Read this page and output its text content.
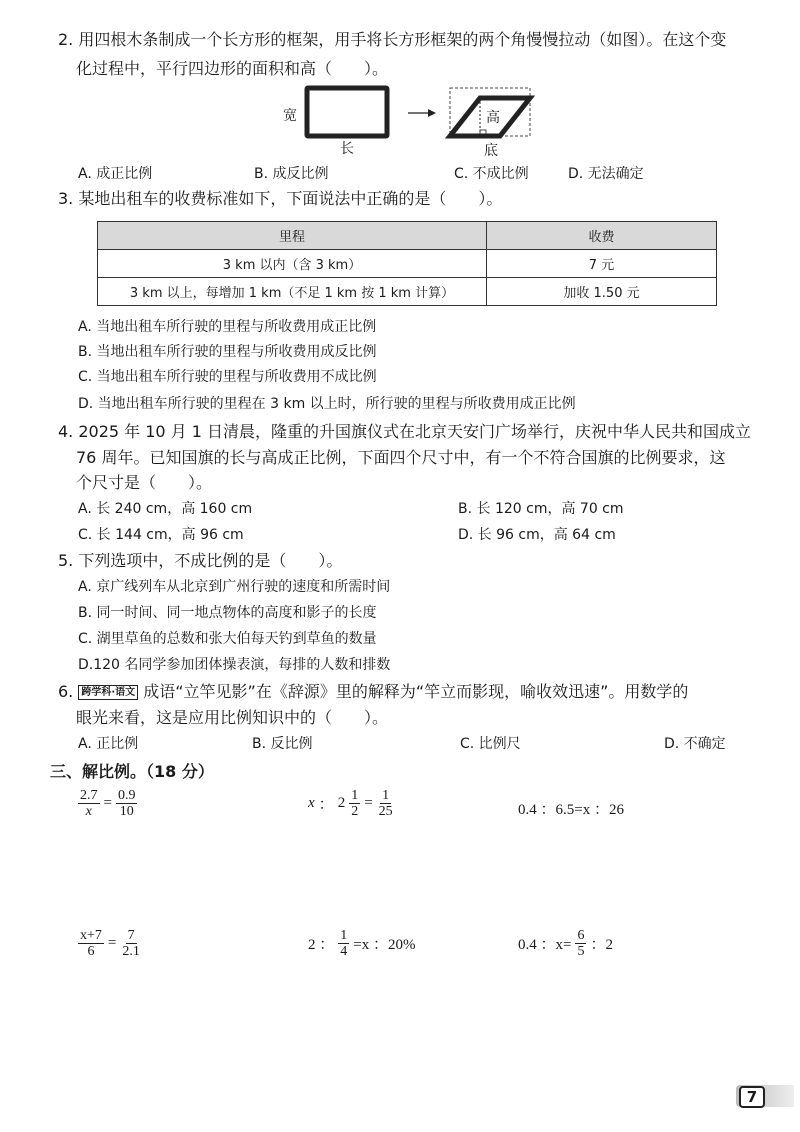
2. 用四根木条制成一个长方形的框架，用手将长方形框架的两个角慢慢拉动（如图）。在这个变
化过程中，平行四边形的面积和高（　　）。
宽
长
高
底
A. 成正比例	B. 成反比例	C. 不成比例	D. 无法确定
3. 某地出租车的收费标准如下，下面说法中正确的是（　　）。
里程	收费
3 km 以内（含 3 km）	7 元
3 km 以上，每增加 1 km（不足 1 km 按 1 km 计算）	加收 1.50 元
A. 当地出租车所行驶的里程与所收费用成正比例
B. 当地出租车所行驶的里程与所收费用成反比例
C. 当地出租车所行驶的里程与所收费用不成比例
D. 当地出租车所行驶的里程在 3 km 以上时，所行驶的里程与所收费用成正比例
4. 2025 年 10 月 1 日清晨，隆重的升国旗仪式在北京天安门广场举行，庆祝中华人民共和国成立
76 周年。已知国旗的长与高成正比例，下面四个尺寸中，有一个不符合国旗的比例要求，这
个尺寸是（　　）。
A. 长 240 cm，高 160 cm	B. 长 120 cm，高 70 cm
C. 长 144 cm，高 96 cm	D. 长 96 cm，高 64 cm
5. 下列选项中，不成比例的是（　　）。
A. 京广线列车从北京到广州行驶的速度和所需时间
B. 同一时间、同一地点物体的高度和影子的长度
C. 湖里草鱼的总数和张大伯每天钓到草鱼的数量
D.120 名同学参加团体操表演，每排的人数和排数
6. 跨学科·语文 成语“立竿见影”在《辞源》里的解释为“竿立而影现，喻收效迅速”。用数学的
眼光来看，这是应用比例知识中的（　　）。
A. 正比例	B. 反比例	C. 比例尺	D. 不确定
三、解比例。（18 分）
$\frac{2.7}{x} = \frac{0.9}{10}$	x ： $2 \frac{1}{2} = \frac{1}{25}$	0.4 ：6.5=x ：26
$\frac{x+7}{6} = \frac{7}{2.1}$	2 ： $\frac{1}{4} =x$ ：20%	0.4 ：$x= \frac{6}{5}$ ：2
7
